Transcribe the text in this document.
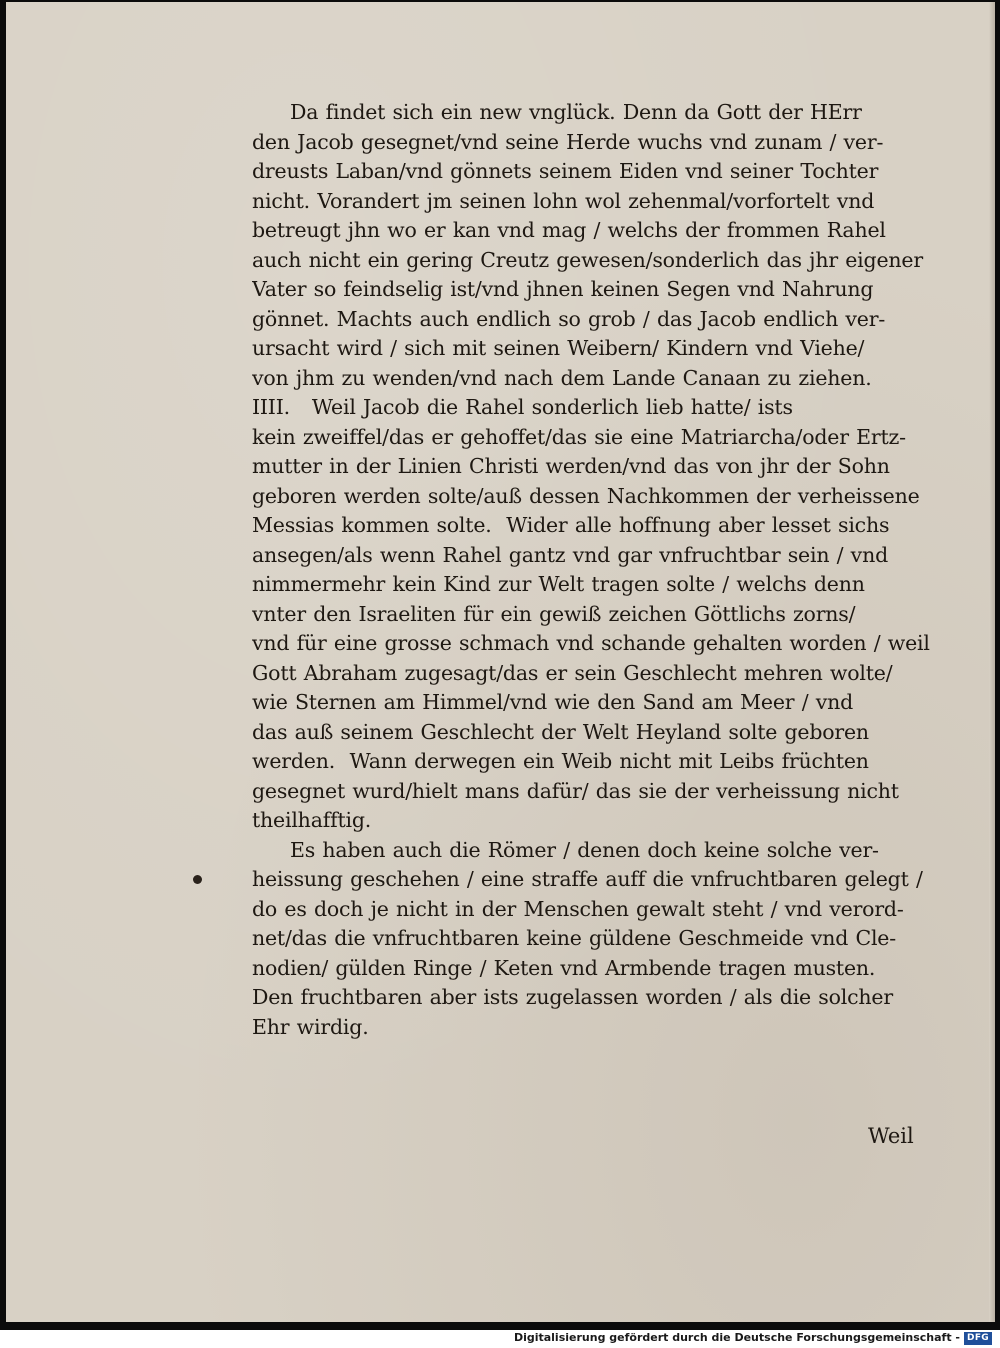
Da findet sich ein new vnglück. Denn da Gott der HErr
den Jacob gesegnet/vnd seine Herde wuchs vnd zunam / ver-
dreusts Laban/vnd gönnets seinem Eiden vnd seiner Tochter
nicht. Vorandert jm seinen lohn wol zehenmal/vorfortelt vnd
betreugt jhn wo er kan vnd mag / welchs der frommen Rahel
auch nicht ein gering Creutz gewesen/sonderlich das jhr eigener
Vater so feindselig ist/vnd jhnen keinen Segen vnd Nahrung
gönnet. Machts auch endlich so grob / das Jacob endlich ver-
ursacht wird / sich mit seinen Weibern/ Kindern vnd Viehe/
von jhm zu wenden/vnd nach dem Lande Canaan zu ziehen.
IIII.   Weil Jacob die Rahel sonderlich lieb hatte/ ists
kein zweiffel/das er gehoffet/das sie eine Matriarcha/oder Ertz-
mutter in der Linien Christi werden/vnd das von jhr der Sohn
geboren werden solte/auß dessen Nachkommen der verheissene
Messias kommen solte.  Wider alle hoffnung aber lesset sichs
ansegen/als wenn Rahel gantz vnd gar vnfruchtbar sein / vnd
nimmermehr kein Kind zur Welt tragen solte / welchs denn
vnter den Israeliten für ein gewiß zeichen Göttlichs zorns/
vnd für eine grosse schmach vnd schande gehalten worden / weil
Gott Abraham zugesagt/das er sein Geschlecht mehren wolte/
wie Sternen am Himmel/vnd wie den Sand am Meer / vnd
das auß seinem Geschlecht der Welt Heyland solte geboren
werden.  Wann derwegen ein Weib nicht mit Leibs früchten
gesegnet wurd/hielt mans dafür/ das sie der verheissung nicht
theilhafftig.
Es haben auch die Römer / denen doch keine solche ver-
heissung geschehen / eine straffe auff die vnfruchtbaren gelegt /
do es doch je nicht in der Menschen gewalt steht / vnd verord-
net/das die vnfruchtbaren keine güldene Geschmeide vnd Cle-
nodien/ gülden Ringe / Keten vnd Armbende tragen musten.
Den fruchtbaren aber ists zugelassen worden / als die solcher
Ehr wirdig.
Weil
Digitalisierung gefördert durch die Deutsche Forschungsgemeinschaft - DFG
